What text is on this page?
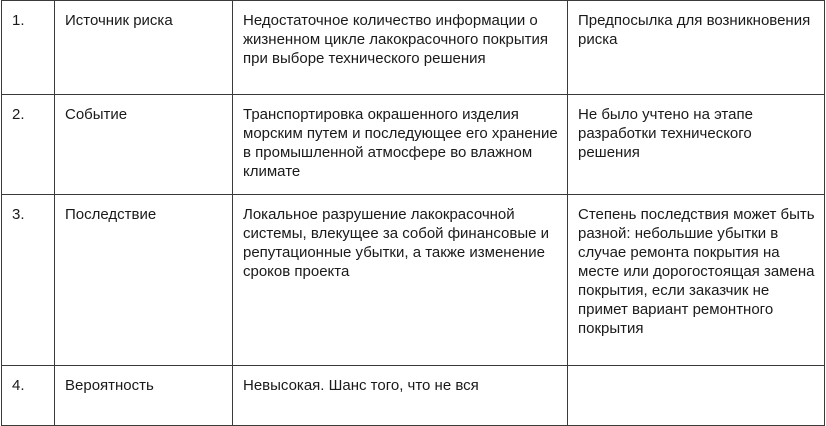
1.	Источник риска	Недостаточное количество информации о жизненном цикле лакокрасочного покрытия при выборе технического решения	Предпосылка для возникновения риска

2.	Событие	Транспортировка окрашенного изделия морским путем и последующее его хранение в промышленной атмосфере во влажном климате	Не было учтено на этапе разработки технического решения

3.	Последствие	Локальное разрушение лакокрасочной системы, влекущее за собой финансовые и репутационные убытки, а также изменение сроков проекта	Степень последствия может быть разной: небольшие убытки в случае ремонта покрытия на месте или дорогостоящая замена покрытия, если заказчик не примет вариант ремонтного покрытия

4.	Вероятность	Невысокая. Шанс того, что не вся	
